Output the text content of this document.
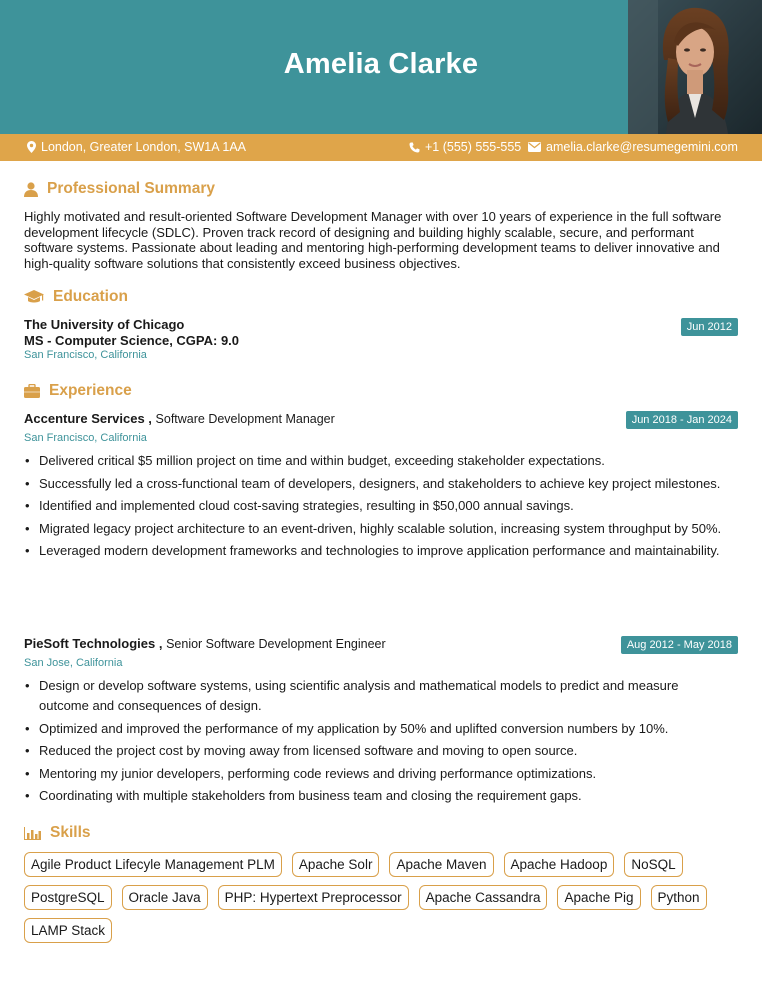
Amelia Clarke
London, Greater London, SW1A 1AA	+1 (555) 555-555 amelia.clarke@resumegemini.com
Professional Summary
Highly motivated and result-oriented Software Development Manager with over 10 years of experience in the full software development lifecycle (SDLC). Proven track record of designing and building highly scalable, secure, and performant software systems. Passionate about leading and mentoring high-performing development teams to deliver innovative and high-quality software solutions that consistently exceed business objectives.
Education
The University of Chicago
MS - Computer Science, CGPA: 9.0
San Francisco, California
Jun 2012
Experience
Accenture Services , Software Development Manager	Jun 2018 - Jan 2024
San Francisco, California
• Delivered critical $5 million project on time and within budget, exceeding stakeholder expectations.
• Successfully led a cross-functional team of developers, designers, and stakeholders to achieve key project milestones.
• Identified and implemented cloud cost-saving strategies, resulting in $50,000 annual savings.
• Migrated legacy project architecture to an event-driven, highly scalable solution, increasing system throughput by 50%.
• Leveraged modern development frameworks and technologies to improve application performance and maintainability.
PieSoft Technologies , Senior Software Development Engineer	Aug 2012 - May 2018
San Jose, California
• Design or develop software systems, using scientific analysis and mathematical models to predict and measure outcome and consequences of design.
• Optimized and improved the performance of my application by 50% and uplifted conversion numbers by 10%.
• Reduced the project cost by moving away from licensed software and moving to open source.
• Mentoring my junior developers, performing code reviews and driving performance optimizations.
• Coordinating with multiple stakeholders from business team and closing the requirement gaps.
Skills
Agile Product Lifecyle Management PLM	Apache Solr	Apache Maven	Apache Hadoop	NoSQL
PostgreSQL	Oracle Java	PHP: Hypertext Preprocessor	Apache Cassandra	Apache Pig	Python
LAMP Stack
